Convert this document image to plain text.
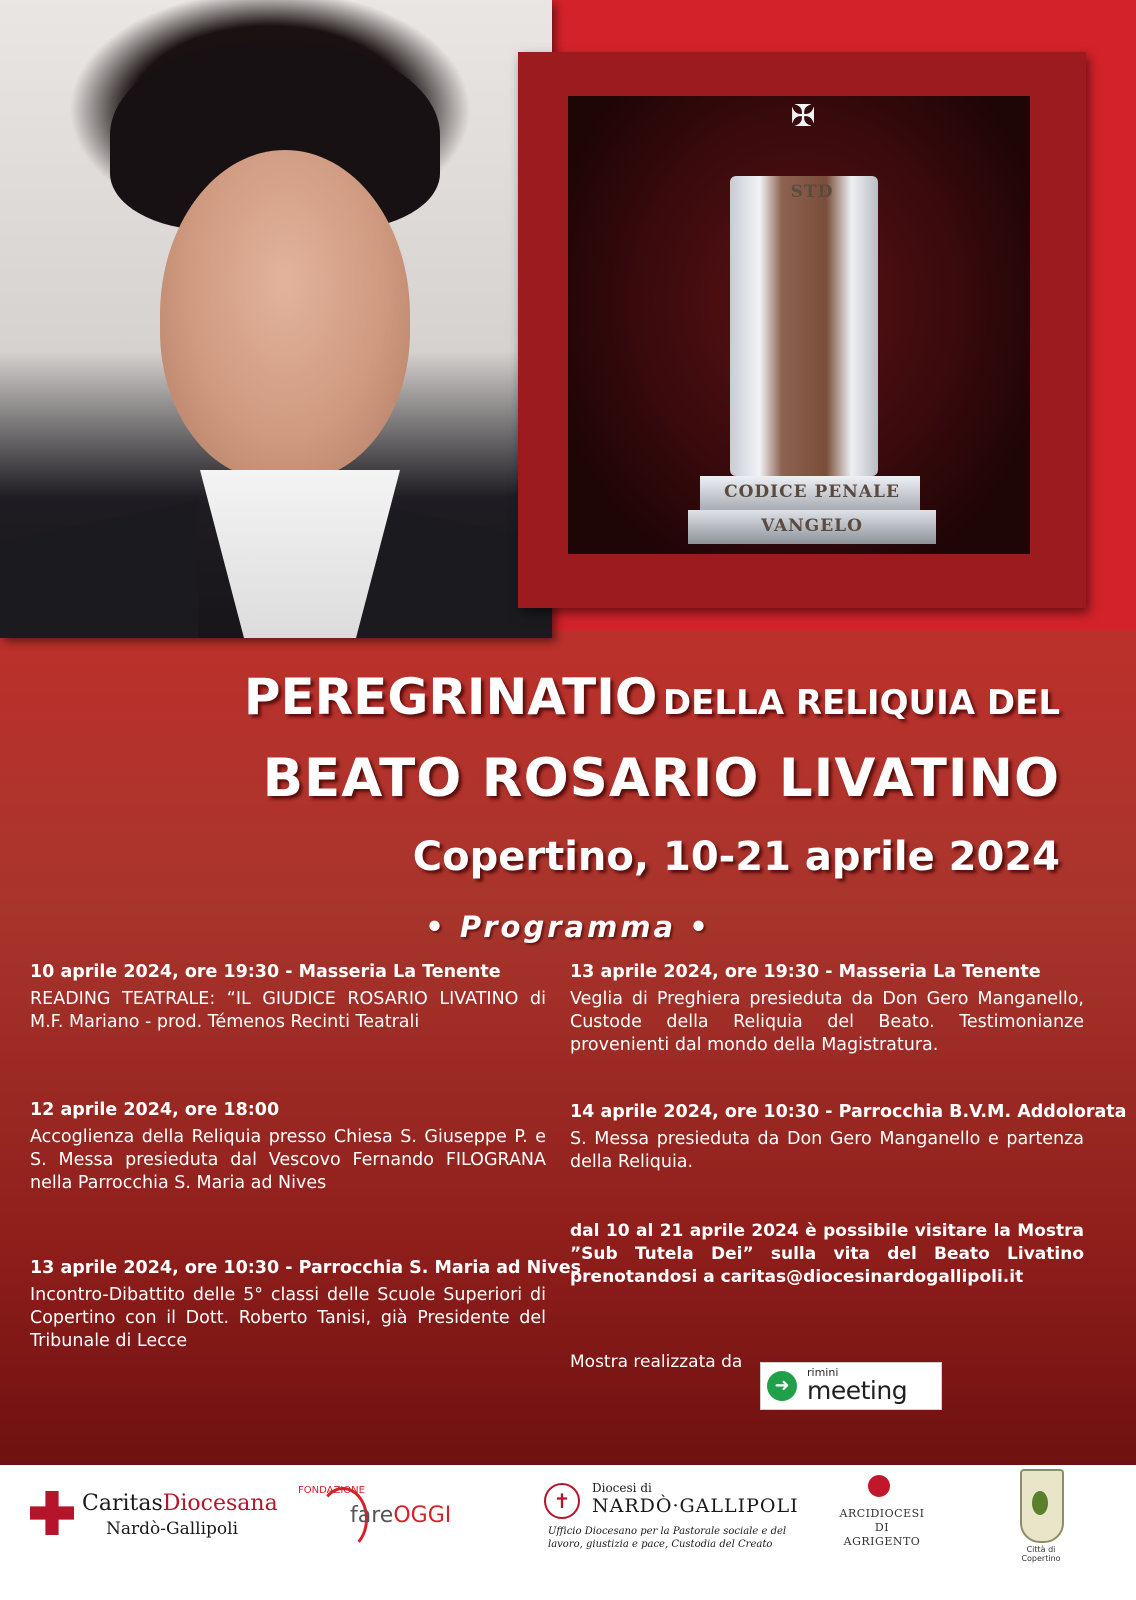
✠
STD
CODICE PENALE
VANGELO
PEREGRINATIO DELLA RELIQUIA DEL
BEATO ROSARIO LIVATINO
Copertino, 10-21 aprile 2024
• Programma •

10 aprile 2024, ore 19:30 - Masseria La Tenente

READING TEATRALE: “IL GIUDICE ROSARIO LIVATINO di M.F. Mariano - prod. Témenos Recinti Teatrali

12 aprile 2024, ore 18:00

Accoglienza della Reliquia presso Chiesa S. Giuseppe P. e S. Messa presieduta dal Vescovo Fernando FILOGRANA nella Parrocchia S. Maria ad Nives

13 aprile 2024, ore 10:30 - Parrocchia S. Maria ad Nives

Incontro-Dibattito delle 5° classi delle Scuole Superiori di Copertino con il Dott. Roberto Tanisi, già Presidente del Tribunale di Lecce

13 aprile 2024, ore 19:30 - Masseria La Tenente

Veglia di Preghiera presieduta da Don Gero Manganello, Custode della Reliquia del Beato. Testimonianze provenienti dal mondo della Magistratura.

14 aprile 2024, ore 10:30 - Parrocchia B.V.M. Addolorata

S. Messa presieduta da Don Gero Manganello e partenza della Reliquia.

dal 10 al 21 aprile 2024 è possibile visitare la Mostra ”Sub Tutela Dei” sulla vita del Beato Livatino prenotandosi a caritas@diocesinardogallipoli.it
Mostra realizzata da
➜
rimini
meeting
CaritasDiocesana
Nardò-Gallipoli
FONDAZIONE
fareOGGI
✝
Diocesi di
NARDÒ·GALLIPOLI
Ufficio Diocesano per la Pastorale sociale e del lavoro, giustizia e pace, Custodia del Creato
ARCIDIOCESI DI AGRIGENTO
Città di Copertino
